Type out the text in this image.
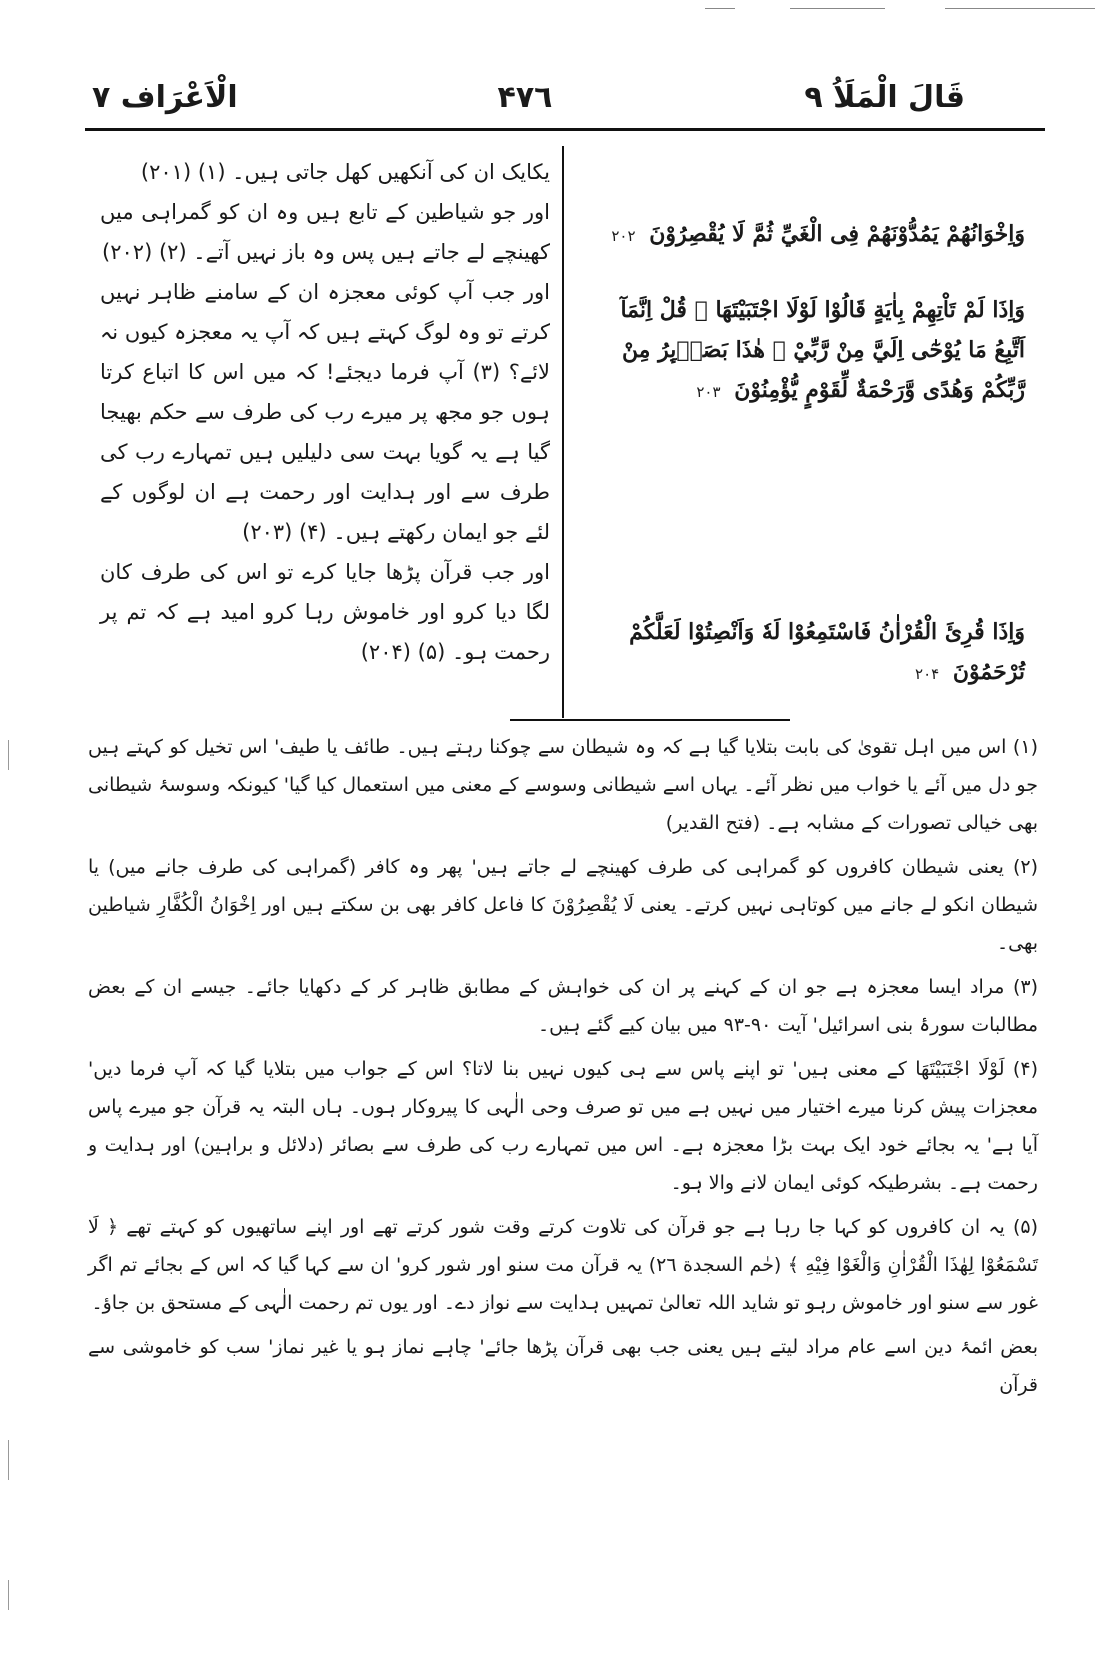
قَالَ الْمَلَاُ ٩
۴۷٦
الْاَعْرَاف ٧

یکایک ان کی آنکھیں کھل جاتی ہیں۔ (۱) (۲۰۱)

اور جو شیاطین کے تابع ہیں وہ ان کو گمراہی میں کھینچے لے جاتے ہیں پس وہ باز نہیں آتے۔ (۲) (۲۰۲)

اور جب آپ کوئی معجزہ ان کے سامنے ظاہر نہیں کرتے تو وہ لوگ کہتے ہیں کہ آپ یہ معجزہ کیوں نہ لائے؟ (۳) آپ فرما دیجئے! کہ میں اس کا اتباع کرتا ہوں جو مجھ پر میرے رب کی طرف سے حکم بھیجا گیا ہے یہ گویا بہت سی دلیلیں ہیں تمہارے رب کی طرف سے اور ہدایت اور رحمت ہے ان لوگوں کے لئے جو ایمان رکھتے ہیں۔ (۴) (۲۰۳)

اور جب قرآن پڑھا جایا کرے تو اس کی طرف کان لگا دیا کرو اور خاموش رہا کرو امید ہے کہ تم پر رحمت ہو۔ (۵) (۲۰۴)

وَاِخْوَانُهُمْ يَمُدُّوْنَهُمْ فِى الْغَيِّ ثُمَّ لَا يُقْصِرُوْنَ ۲۰۲
وَاِذَا لَمْ تَاْتِهِمْ بِاٰيَةٍ قَالُوْا لَوْلَا اجْتَبَيْتَهَا ۭ قُلْ اِنَّمَآ اَتَّبِعُ مَا يُوْحٰٓى اِلَيَّ مِنْ رَّبِّيْ ۚ هٰذَا بَصَاۗىِٕرُ مِنْ رَّبِّكُمْ وَهُدًى وَّرَحْمَةٌ لِّقَوْمٍ يُّؤْمِنُوْنَ ۲۰۳
وَاِذَا قُرِئَ الْقُرْاٰنُ فَاسْتَمِعُوْا لَهٗ وَاَنْصِتُوْا لَعَلَّكُمْ تُرْحَمُوْنَ ۲۰۴

(۱) اس میں اہل تقویٰ کی بابت بتلایا گیا ہے کہ وہ شیطان سے چوکنا رہتے ہیں۔ طائف یا طیف' اس تخیل کو کہتے ہیں جو دل میں آئے یا خواب میں نظر آئے۔ یہاں اسے شیطانی وسوسے کے معنی میں استعمال کیا گیا' کیونکہ وسوسۂ شیطانی بھی خیالی تصورات کے مشابہ ہے۔ (فتح القدیر)

(۲) یعنی شیطان کافروں کو گمراہی کی طرف کھینچے لے جاتے ہیں' پھر وہ کافر (گمراہی کی طرف جانے میں) یا شیطان انکو لے جانے میں کوتاہی نہیں کرتے۔ یعنی لَا يُقْصِرُوْنَ کا فاعل کافر بھی بن سکتے ہیں اور اِخْوَانُ الْكُفَّارِ شیاطین بھی۔

(۳) مراد ایسا معجزہ ہے جو ان کے کہنے پر ان کی خواہش کے مطابق ظاہر کر کے دکھایا جائے۔ جیسے ان کے بعض مطالبات سورۂ بنی اسرائیل' آیت ۹۰-۹۳ میں بیان کیے گئے ہیں۔

(۴) لَوْلَا اجْتَبَيْتَهَا کے معنی ہیں' تو اپنے پاس سے ہی کیوں نہیں بنا لاتا؟ اس کے جواب میں بتلایا گیا کہ آپ فرما دیں' معجزات پیش کرنا میرے اختیار میں نہیں ہے میں تو صرف وحی الٰہی کا پیروکار ہوں۔ ہاں البتہ یہ قرآن جو میرے پاس آیا ہے' یہ بجائے خود ایک بہت بڑا معجزہ ہے۔ اس میں تمہارے رب کی طرف سے بصائر (دلائل و براہین) اور ہدایت و رحمت ہے۔ بشرطیکہ کوئی ایمان لانے والا ہو۔

(۵) یہ ان کافروں کو کہا جا رہا ہے جو قرآن کی تلاوت کرتے وقت شور کرتے تھے اور اپنے ساتھیوں کو کہتے تھے ﴿ لَا تَسْمَعُوْا لِهٰذَا الْقُرْاٰنِ وَالْغَوْا فِيْهِ ﴾ (حٰم السجدة ۲٦) یہ قرآن مت سنو اور شور کرو' ان سے کہا گیا کہ اس کے بجائے تم اگر غور سے سنو اور خاموش رہو تو شاید اللہ تعالیٰ تمہیں ہدایت سے نواز دے۔ اور یوں تم رحمت الٰہی کے مستحق بن جاؤ۔

بعض ائمۂ دین اسے عام مراد لیتے ہیں یعنی جب بھی قرآن پڑھا جائے' چاہے نماز ہو یا غیر نماز' سب کو خاموشی سے قرآن
